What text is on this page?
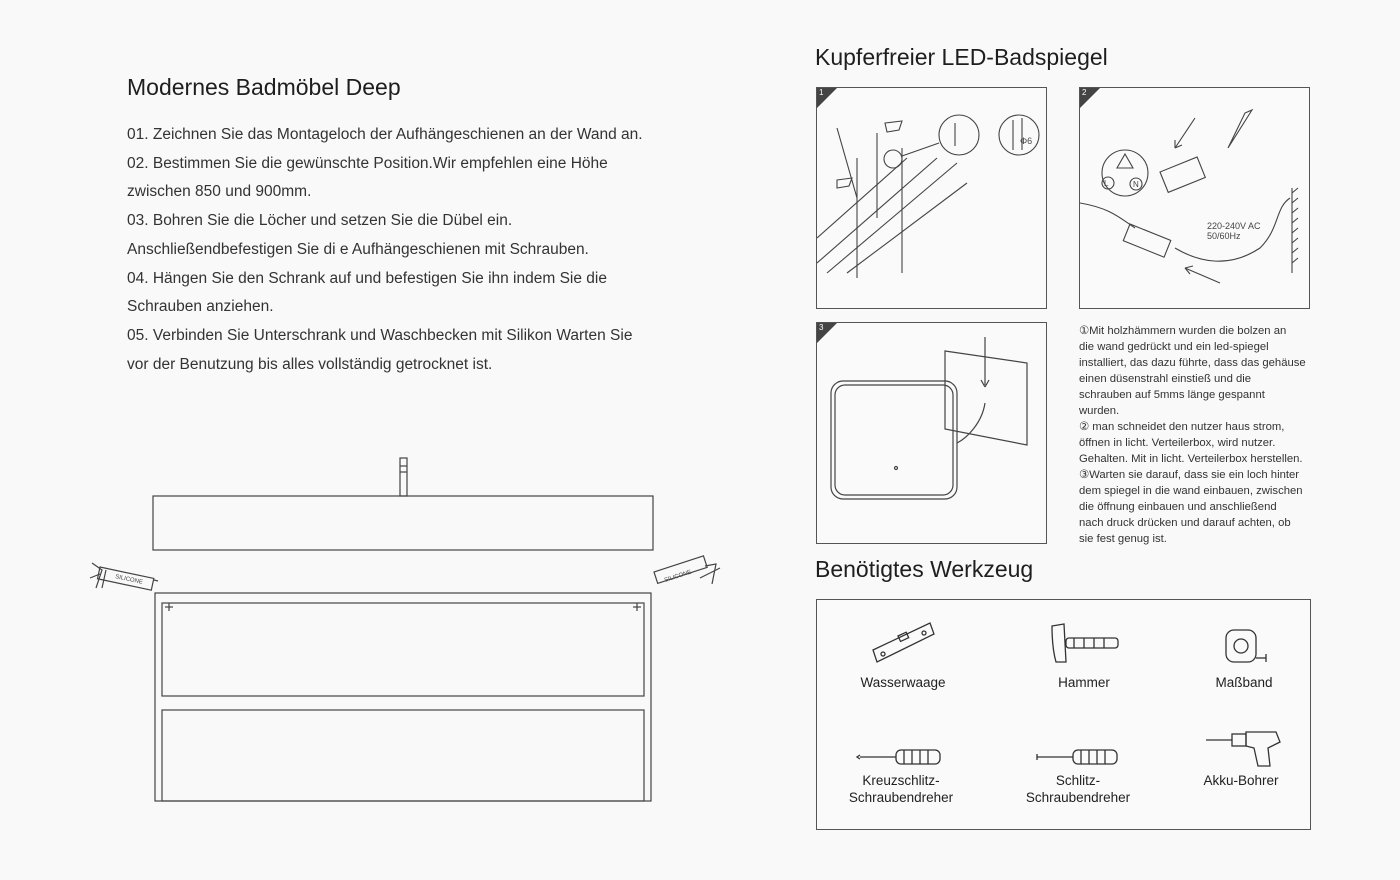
Modernes Badmöbel Deep
01. Zeichnen Sie das Montageloch der Aufhängeschienen an der Wand an.
02. Bestimmen Sie die gewünschte Position.Wir empfehlen eine Höhe
zwischen 850 und 900mm.
03. Bohren Sie die Löcher und setzen Sie die Dübel ein.
Anschließendbefestigen Sie di e Aufhängeschienen mit Schrauben.
04. Hängen Sie den Schrank auf und befestigen Sie ihn indem Sie die
Schrauben anziehen.
05. Verbinden Sie Unterschrank und Waschbecken mit Silikon Warten Sie
vor der Benutzung bis alles vollständig getrocknet ist.
SILICONE	SILICONE
Kupferfreier LED-Badspiegel
1
Φ6
2
L	N
220-240V AC
50/60Hz
3	①Mit holzhämmern wurden die bolzen an
die wand gedrückt und ein led-spiegel
installiert, das dazu führte, dass das gehäuse
einen düsenstrahl einstieß und die
schrauben auf 5mms länge gespannt
wurden.
② man schneidet den nutzer haus strom,
öffnen in licht. Verteilerbox, wird nutzer.
Gehalten. Mit in licht. Verteilerbox herstellen.
③Warten sie darauf, dass sie ein loch hinter
dem spiegel in die wand einbauen, zwischen
die öffnung einbauen und anschließend
nach druck drücken und darauf achten, ob
sie fest genug ist.
Benötigtes Werkzeug
Wasserwaage	Hammer	Maßband
Kreuzschlitz-
Schraubendreher
Schlitz-
Schraubendreher
Akku-Bohrer
